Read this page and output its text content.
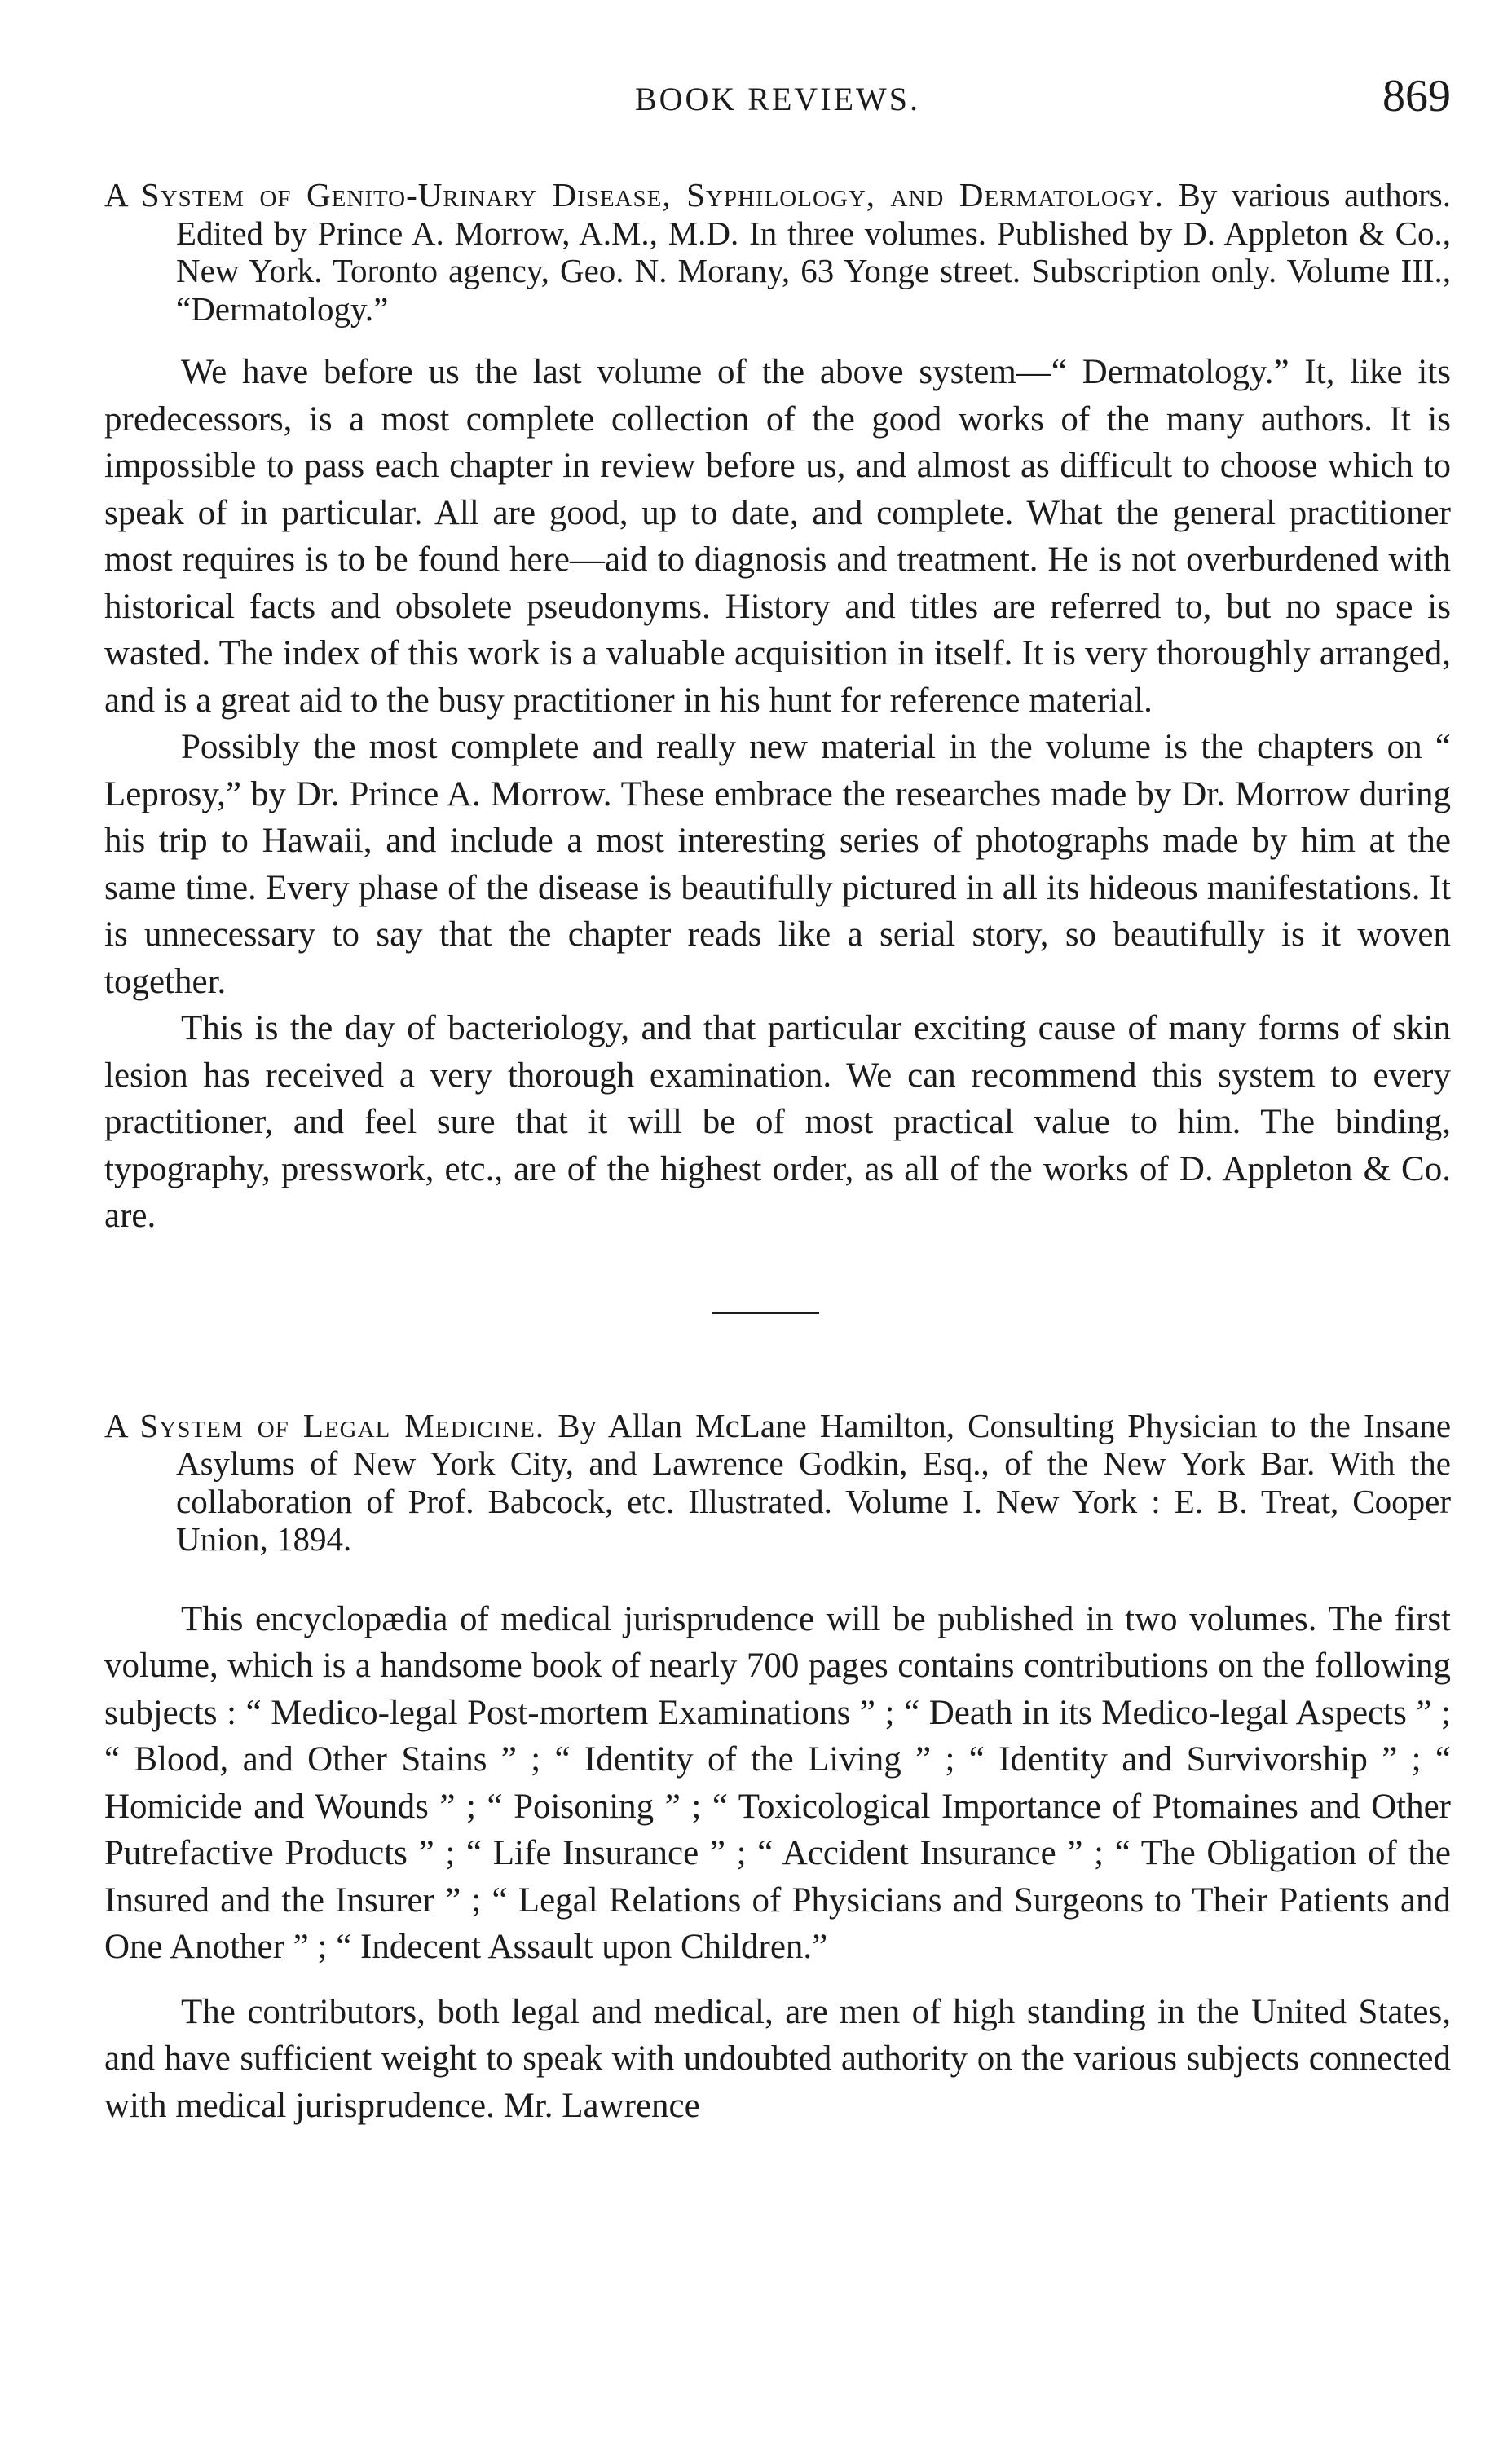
BOOK REVIEWS.	869

A System of Genito-Urinary Disease, Syphilology, and Dermatology. By various authors. Edited by Prince A. Morrow, A.M., M.D. In three volumes. Published by D. Appleton & Co., New York. Toronto agency, Geo. N. Morany, 63 Yonge street. Subscription only. Volume III., “Dermatology.”

We have before us the last volume of the above system—“ Dermatology.” It, like its predecessors, is a most complete collection of the good works of the many authors. It is impossible to pass each chapter in review before us, and almost as difficult to choose which to speak of in particular. All are good, up to date, and complete. What the general practitioner most requires is to be found here—aid to diagnosis and treatment. He is not overburdened with historical facts and obsolete pseudonyms. History and titles are referred to, but no space is wasted. The index of this work is a valuable acquisition in itself. It is very thoroughly arranged, and is a great aid to the busy practitioner in his hunt for reference material.

Possibly the most complete and really new material in the volume is the chapters on “ Leprosy,” by Dr. Prince A. Morrow. These embrace the researches made by Dr. Morrow during his trip to Hawaii, and include a most interesting series of photographs made by him at the same time. Every phase of the disease is beautifully pictured in all its hideous manifestations. It is unnecessary to say that the chapter reads like a serial story, so beautifully is it woven together.

This is the day of bacteriology, and that particular exciting cause of many forms of skin lesion has received a very thorough examination. We can recommend this system to every practitioner, and feel sure that it will be of most practical value to him. The binding, typography, presswork, etc., are of the highest order, as all of the works of D. Appleton & Co. are.

A System of Legal Medicine. By Allan McLane Hamilton, Consulting Physician to the Insane Asylums of New York City, and Lawrence Godkin, Esq., of the New York Bar. With the collaboration of Prof. Babcock, etc. Illustrated. Volume I. New York : E. B. Treat, Cooper Union, 1894.

This encyclopædia of medical jurisprudence will be published in two volumes. The first volume, which is a handsome book of nearly 700 pages contains contributions on the following subjects : “ Medico-legal Post-mortem Examinations ” ; “ Death in its Medico-legal Aspects ” ; “ Blood, and Other Stains ” ; “ Identity of the Living ” ; “ Identity and Survivorship ” ; “ Homicide and Wounds ” ; “ Poisoning ” ; “ Toxicological Importance of Ptomaines and Other Putrefactive Products ” ; “ Life Insurance ” ; “ Accident Insurance ” ; “ The Obligation of the Insured and the Insurer ” ; “ Legal Relations of Physicians and Surgeons to Their Patients and One Another ” ; “ Indecent Assault upon Children.”

The contributors, both legal and medical, are men of high standing in the United States, and have sufficient weight to speak with undoubted authority on the various subjects connected with medical jurisprudence. Mr. Lawrence
